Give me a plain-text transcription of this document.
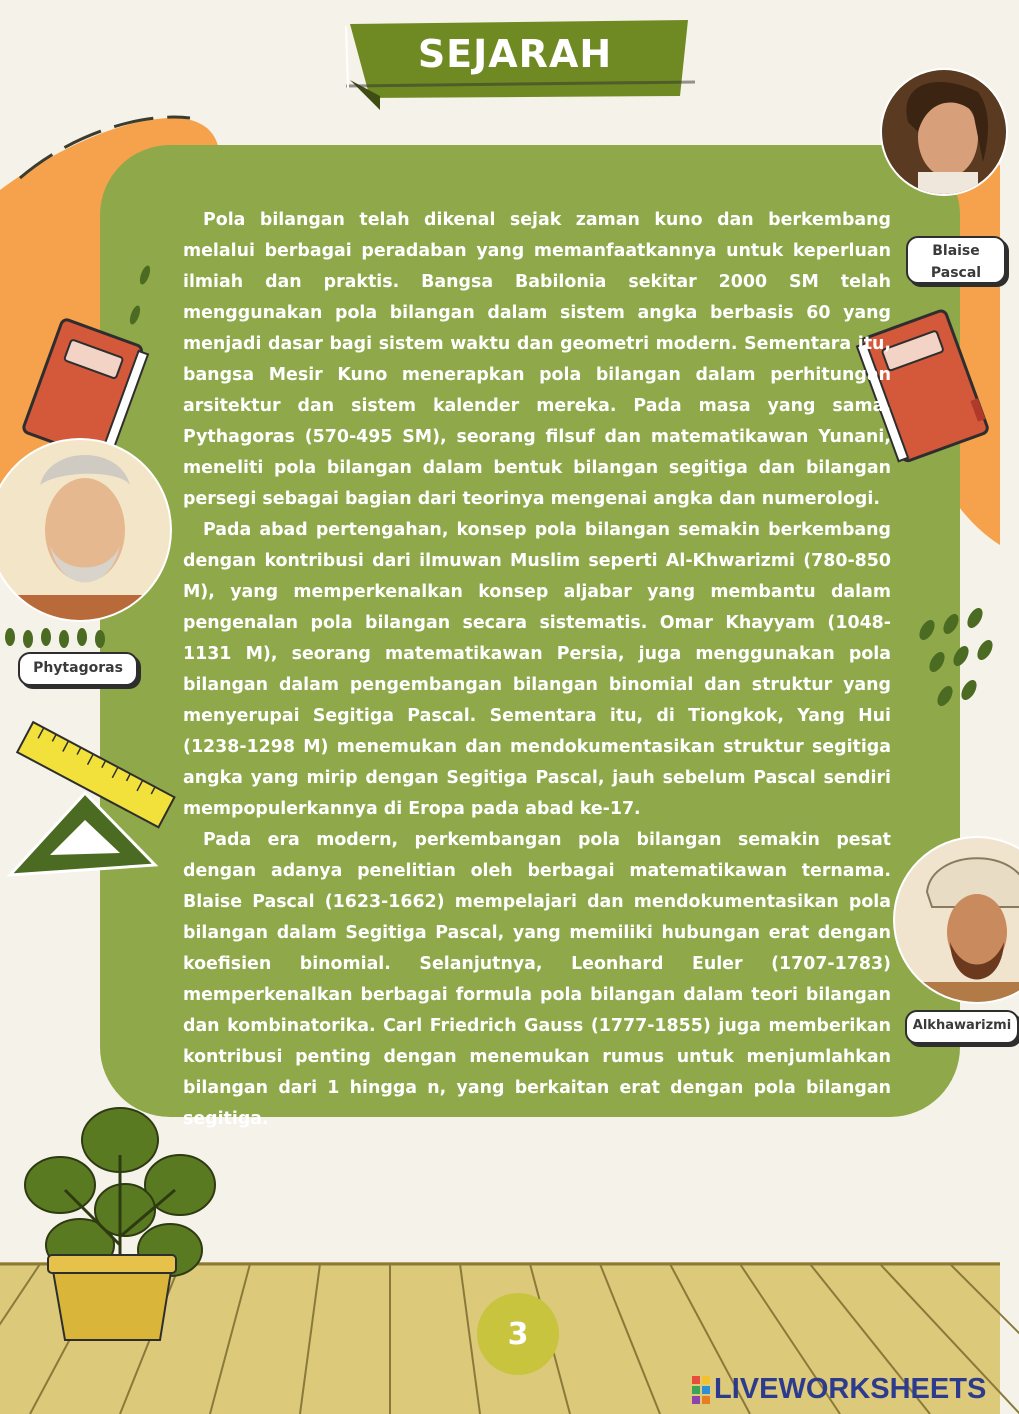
SEJARAH

Pola bilangan telah dikenal sejak zaman kuno dan berkembang melalui berbagai peradaban yang memanfaatkannya untuk keperluan ilmiah dan praktis. Bangsa Babilonia sekitar 2000 SM telah menggunakan pola bilangan dalam sistem angka berbasis 60 yang menjadi dasar bagi sistem waktu dan geometri modern. Sementara itu, bangsa Mesir Kuno menerapkan pola bilangan dalam perhitungan arsitektur dan sistem kalender mereka. Pada masa yang sama, Pythagoras (570-495 SM), seorang filsuf dan matematikawan Yunani, meneliti pola bilangan dalam bentuk bilangan segitiga dan bilangan persegi sebagai bagian dari teorinya mengenai angka dan numerologi.

Pada abad pertengahan, konsep pola bilangan semakin berkembang dengan kontribusi dari ilmuwan Muslim seperti Al-Khwarizmi (780-850 M), yang memperkenalkan konsep aljabar yang membantu dalam pengenalan pola bilangan secara sistematis. Omar Khayyam (1048-1131 M), seorang matematikawan Persia, juga menggunakan pola bilangan dalam pengembangan bilangan binomial dan struktur yang menyerupai Segitiga Pascal. Sementara itu, di Tiongkok, Yang Hui (1238-1298 M) menemukan dan mendokumentasikan struktur segitiga angka yang mirip dengan Segitiga Pascal, jauh sebelum Pascal sendiri mempopulerkannya di Eropa pada abad ke-17.

Pada era modern, perkembangan pola bilangan semakin pesat dengan adanya penelitian oleh berbagai matematikawan ternama. Blaise Pascal (1623-1662) mempelajari dan mendokumentasikan pola bilangan dalam Segitiga Pascal, yang memiliki hubungan erat dengan koefisien binomial. Selanjutnya, Leonhard Euler (1707-1783) memperkenalkan berbagai formula pola bilangan dalam teori bilangan dan kombinatorika. Carl Friedrich Gauss (1777-1855) juga memberikan kontribusi penting dengan menemukan rumus untuk menjumlahkan bilangan dari 1 hingga n, yang berkaitan erat dengan pola bilangan segitiga.

Blaise
Pascal
Phytagoras
Alkhawarizmi
3
LIVEWORKSHEETS
